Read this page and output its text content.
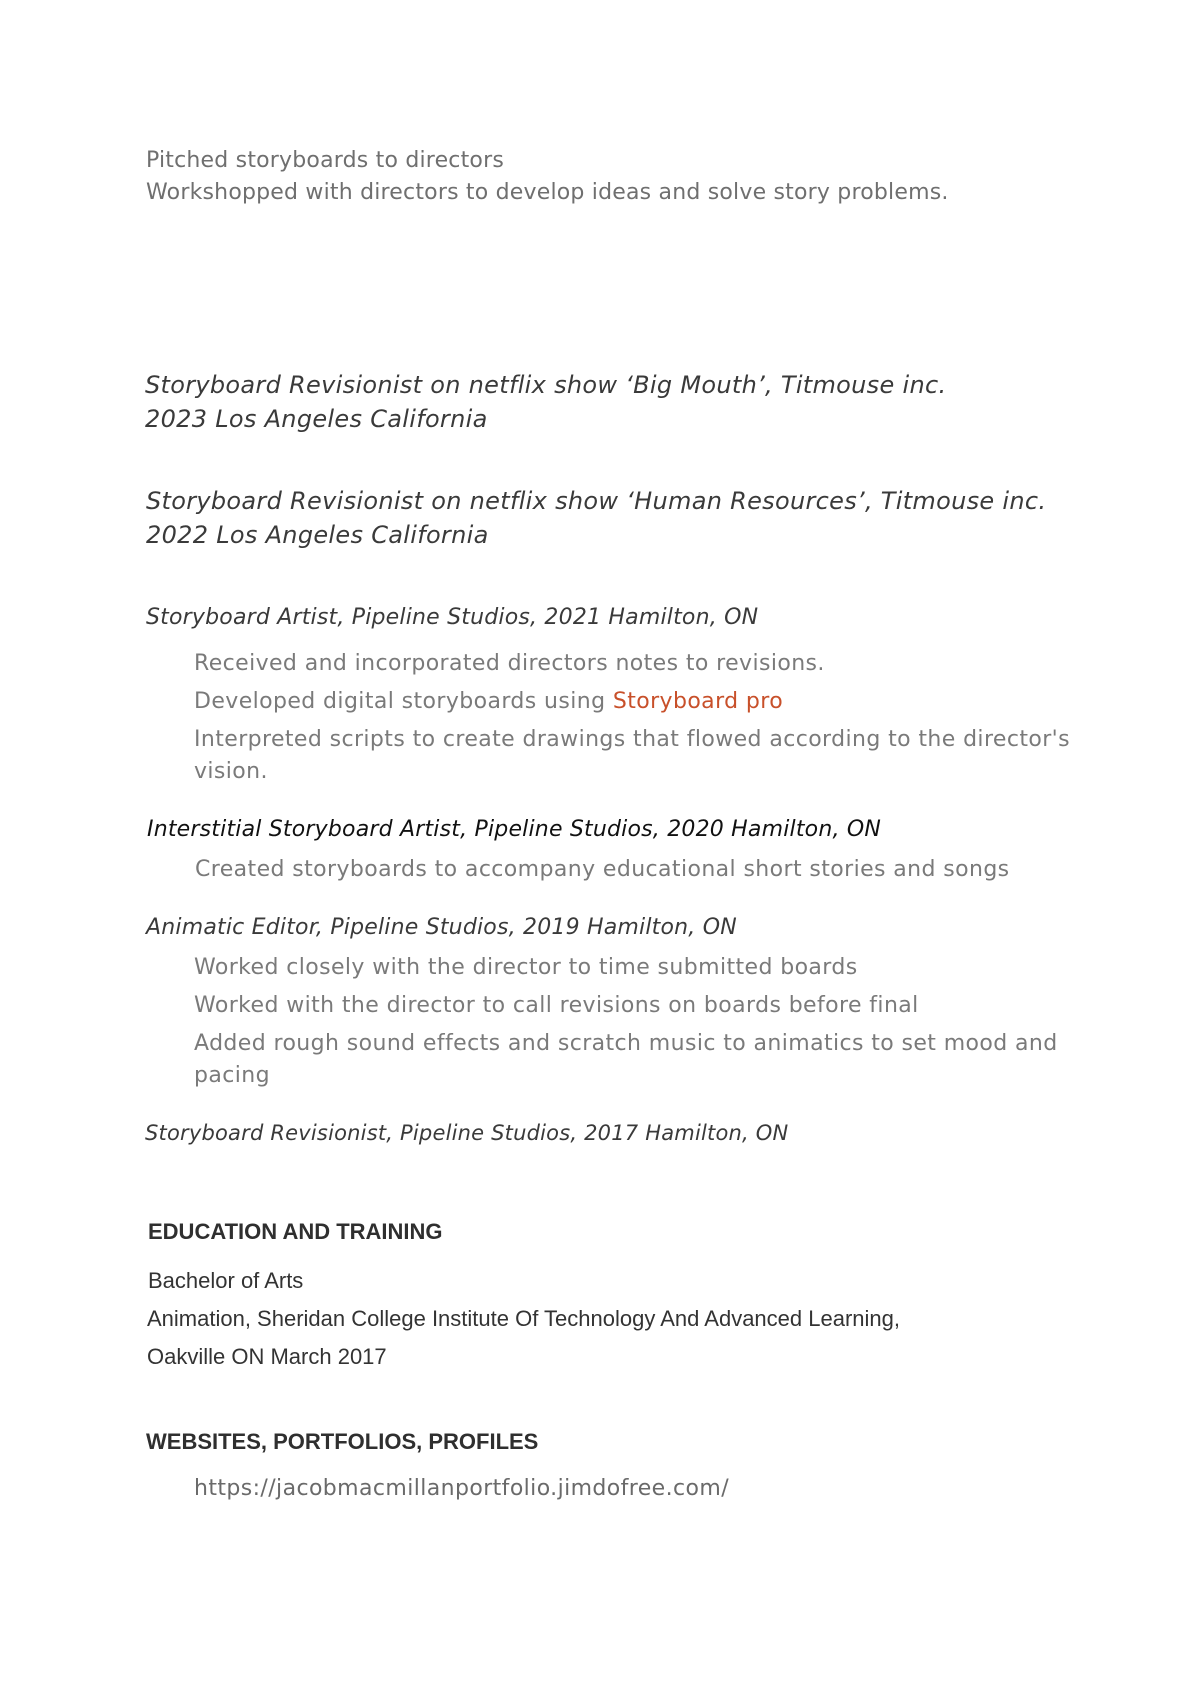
Pitched storyboards to directors
Workshopped with directors to develop ideas and solve story problems.
Storyboard Revisionist on netflix show ‘Big Mouth’, Titmouse inc.
2023 Los Angeles California
Storyboard Revisionist on netflix show ‘Human Resources’, Titmouse inc.
2022 Los Angeles California
Storyboard Artist, Pipeline Studios, 2021 Hamilton, ON
Received and incorporated directors notes to revisions.
Developed digital storyboards using Storyboard pro
Interpreted scripts to create drawings that flowed according to the director's
vision.
Interstitial Storyboard Artist, Pipeline Studios, 2020 Hamilton, ON
Created storyboards to accompany educational short stories and songs
Animatic Editor, Pipeline Studios, 2019 Hamilton, ON
Worked closely with the director to time submitted boards
Worked with the director to call revisions on boards before final
Added rough sound effects and scratch music to animatics to set mood and
pacing
Storyboard Revisionist, Pipeline Studios, 2017 Hamilton, ON
EDUCATION AND TRAINING
Bachelor of Arts
Animation, Sheridan College Institute Of Technology And Advanced Learning,
Oakville ON March 2017
WEBSITES, PORTFOLIOS, PROFILES
https://jacobmacmillanportfolio.jimdofree.com/
